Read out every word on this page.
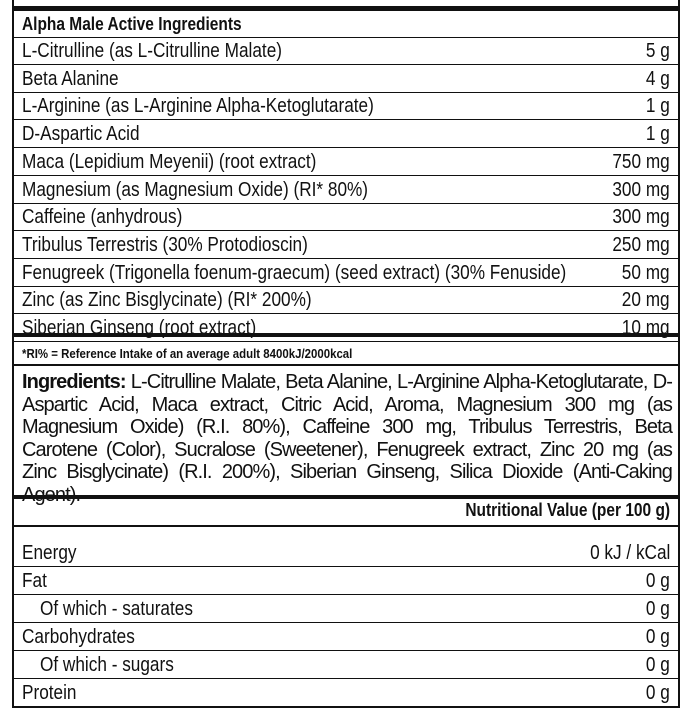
Alpha Male Active Ingredients
L-Citrulline (as L-Citrulline Malate)	5 g
Beta Alanine	4 g
L-Arginine (as L-Arginine Alpha-Ketoglutarate)	1 g
D-Aspartic Acid	1 g
Maca (Lepidium Meyenii) (root extract)	750 mg
Magnesium (as Magnesium Oxide) (RI* 80%)	300 mg
Caffeine (anhydrous)	300 mg
Tribulus Terrestris (30% Protodioscin)	250 mg
Fenugreek (Trigonella foenum-graecum) (seed extract) (30% Fenuside)	50 mg
Zinc (as Zinc Bisglycinate) (RI* 200%)	20 mg
Siberian Ginseng (root extract)	10 mg
*RI% = Reference Intake of an average adult 8400kJ/2000kcal
Ingredients: L-Citrulline Malate, Beta Alanine, L-Arginine Alpha-Ketoglutarate, D-Aspartic Acid, Maca extract, Citric Acid, Aroma, Magnesium 300 mg (as Magnesium Oxide) (R.I. 80%), Caffeine 300 mg, Tribulus Terrestris, Beta Carotene (Color), Sucralose (Sweetener), Fenugreek extract, Zinc 20 mg (as Zinc Bisglycinate) (R.I. 200%), Siberian Ginseng, Silica Dioxide (Anti-Caking Agent).
Nutritional Value (per 100 g)
Energy	0 kJ / kCal
Fat	0 g
Of which - saturates	0 g
Carbohydrates	0 g
Of which - sugars	0 g
Protein	0 g
